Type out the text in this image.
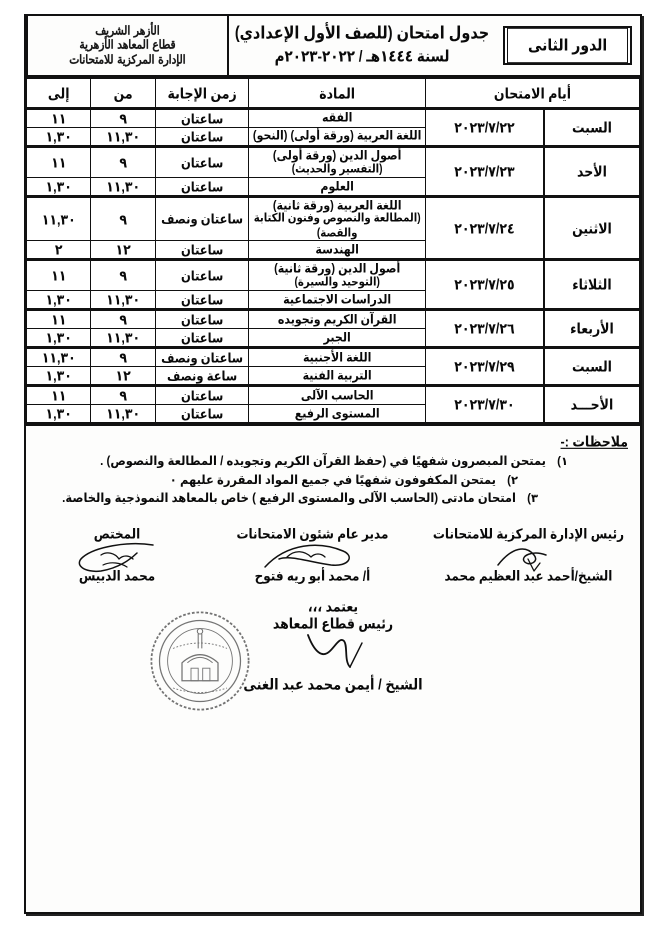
الدور الثانى
جدول امتحان (للصف الأول الإعدادي)
لسنة ١٤٤٤هـ / ٢٠٢٢-٢٠٢٣م
الأزهر الشريف
قطاع المعاهد الأزهرية
الإدارة المركزية للامتحانات
أيام الامتحان		المادة	زمن الإجابة	من	إلى

السبت	٢٠٢٣/٧/٢٢	الفقه	ساعتان	٩	١١

		اللغة العربية (ورقة أولى) (النحو)	ساعتان	١١,٣٠	١,٣٠

الأحد	٢٠٢٣/٧/٢٣	أصول الدين (ورقة أولى)
(التفسير والحديث)	ساعتان	٩	١١

		العلوم	ساعتان	١١,٣٠	١,٣٠

الاثنين	٢٠٢٣/٧/٢٤	اللغة العربية (ورقة ثانية)
(المطالعة والنصوص وفنون الكتابة والقصة)	ساعتان ونصف	٩	١١,٣٠

		الهندسة	ساعتان	١٢	٢

الثلاثاء	٢٠٢٣/٧/٢٥	أصول الدين (ورقة ثانية)
(التوحيد والسيرة)	ساعتان	٩	١١

		الدراسات الاجتماعية	ساعتان	١١,٣٠	١,٣٠

الأربعاء	٢٠٢٣/٧/٢٦	القرآن الكريم وتجويده	ساعتان	٩	١١

		الجبر	ساعتان	١١,٣٠	١,٣٠

السبت	٢٠٢٣/٧/٢٩	اللغة الأجنبية	ساعتان ونصف	٩	١١,٣٠

		التربية الفنية	ساعة ونصف	١٢	١,٣٠

الأحـــد	٢٠٢٣/٧/٣٠	الحاسب الآلى	ساعتان	٩	١١

		المستوى الرفيع	ساعتان	١١,٣٠	١,٣٠
ملاحظات :-
١)
يمتحن المبصرون شفهيًا في (حفظ القرآن الكريم وتجويده / المطالعة والنصوص) .
٢)
يمتحن المكفوفون شفهيًا في جميع المواد المقررة عليهم ٠
٣)
امتحان مادتى (الحاسب الآلى والمستوى الرفيع ) خاص بالمعاهد النموذجية والخاصة.
رئيس الإدارة المركزية للامتحانات
الشيخ/أحمد عبد العظيم محمد
مدير عام شئون الامتحانات
أ/ محمد أبو ريه فتوح
المختص
محمد الدبيس
يعتمد ،،،
رئيس قطاع المعاهد
الشيخ / أيمن محمد عبد الغنى
